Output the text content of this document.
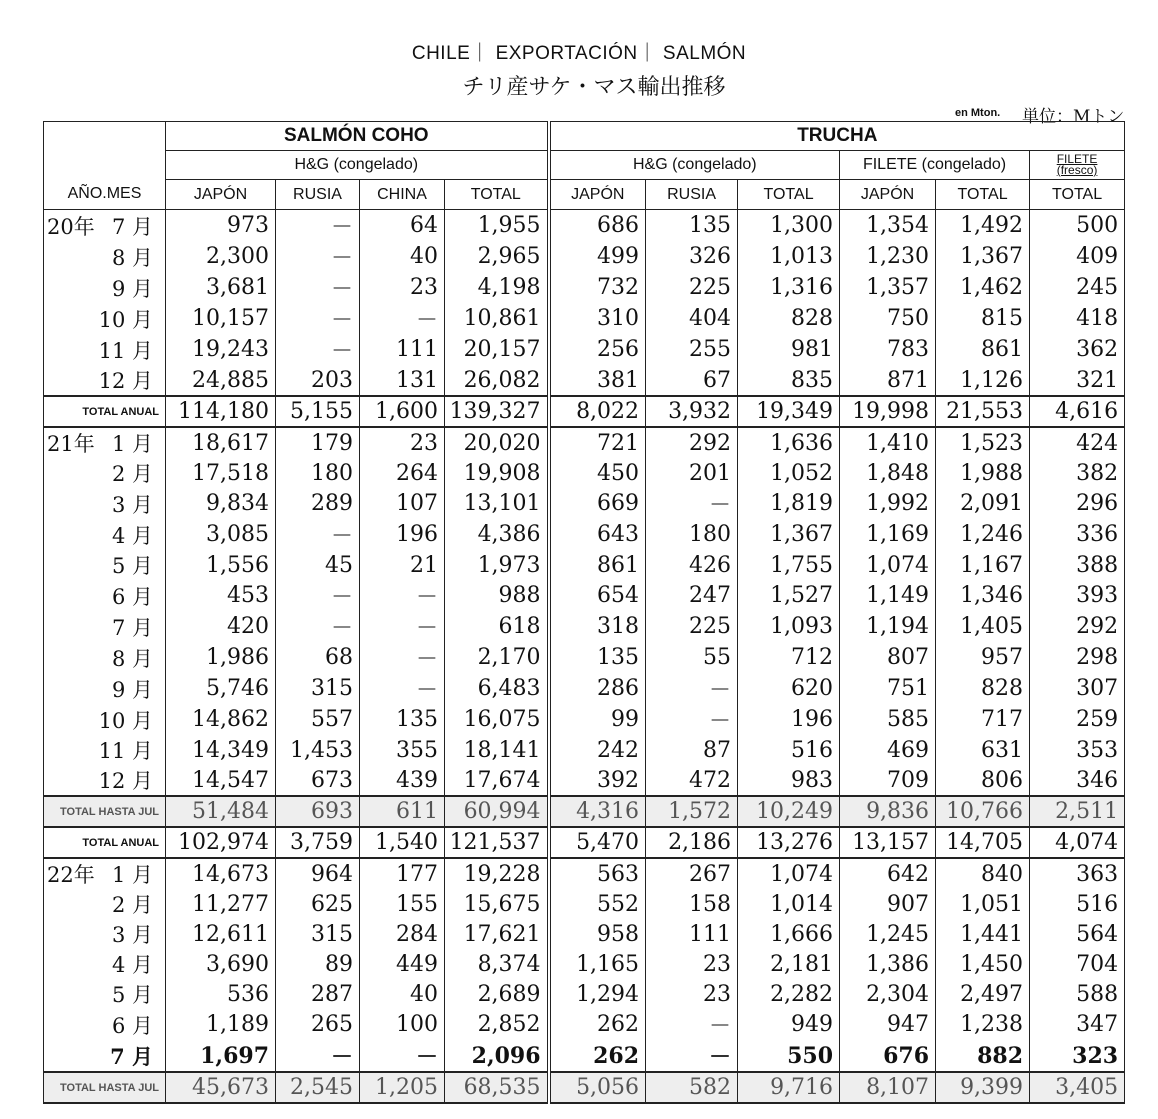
CHILE｜ EXPORTACIÓN｜ SALMÓN
チリ産サケ・マス輸出推移
en Mton. 単位：Mトン
		SALMÓN COHO				TRUCHA					
		H&G (congelado)				H&G (congelado)			FILETE (congelado)		FILETE
(fresco)

AÑO.MES		JAPÓN	RUSIA	CHINA	TOTAL	JAPÓN	RUSIA	TOTAL	JAPÓN	TOTAL	TOTAL
20年	7 月	973	－	64	1,955	686	135	1,300	1,354	1,492	500
	8 月	2,300	－	40	2,965	499	326	1,013	1,230	1,367	409
	9 月	3,681	－	23	4,198	732	225	1,316	1,357	1,462	245
	10 月	10,157	－	－	10,861	310	404	828	750	815	418
	11 月	19,243	－	111	20,157	256	255	981	783	861	362
	12 月	24,885	203	131	26,082	381	67	835	871	1,126	321
TOTAL ANUAL		114,180	5,155	1,600	139,327	8,022	3,932	19,349	19,998	21,553	4,616
21年	1 月	18,617	179	23	20,020	721	292	1,636	1,410	1,523	424
	2 月	17,518	180	264	19,908	450	201	1,052	1,848	1,988	382
	3 月	9,834	289	107	13,101	669	－	1,819	1,992	2,091	296
	4 月	3,085	－	196	4,386	643	180	1,367	1,169	1,246	336
	5 月	1,556	45	21	1,973	861	426	1,755	1,074	1,167	388
	6 月	453	－	－	988	654	247	1,527	1,149	1,346	393
	7 月	420	－	－	618	318	225	1,093	1,194	1,405	292
	8 月	1,986	68	－	2,170	135	55	712	807	957	298
	9 月	5,746	315	－	6,483	286	－	620	751	828	307
	10 月	14,862	557	135	16,075	99	－	196	585	717	259
	11 月	14,349	1,453	355	18,141	242	87	516	469	631	353
	12 月	14,547	673	439	17,674	392	472	983	709	806	346
TOTAL HASTA JUL		51,484	693	611	60,994	4,316	1,572	10,249	9,836	10,766	2,511
TOTAL ANUAL		102,974	3,759	1,540	121,537	5,470	2,186	13,276	13,157	14,705	4,074
22年	1 月	14,673	964	177	19,228	563	267	1,074	642	840	363
	2 月	11,277	625	155	15,675	552	158	1,014	907	1,051	516
	3 月	12,611	315	284	17,621	958	111	1,666	1,245	1,441	564
	4 月	3,690	89	449	8,374	1,165	23	2,181	1,386	1,450	704
	5 月	536	287	40	2,689	1,294	23	2,282	2,304	2,497	588
	6 月	1,189	265	100	2,852	262	－	949	947	1,238	347
	7 月	1,697	－	－	2,096	262	－	550	676	882	323
TOTAL HASTA JUL		45,673	2,545	1,205	68,535	5,056	582	9,716	8,107	9,399	3,405
